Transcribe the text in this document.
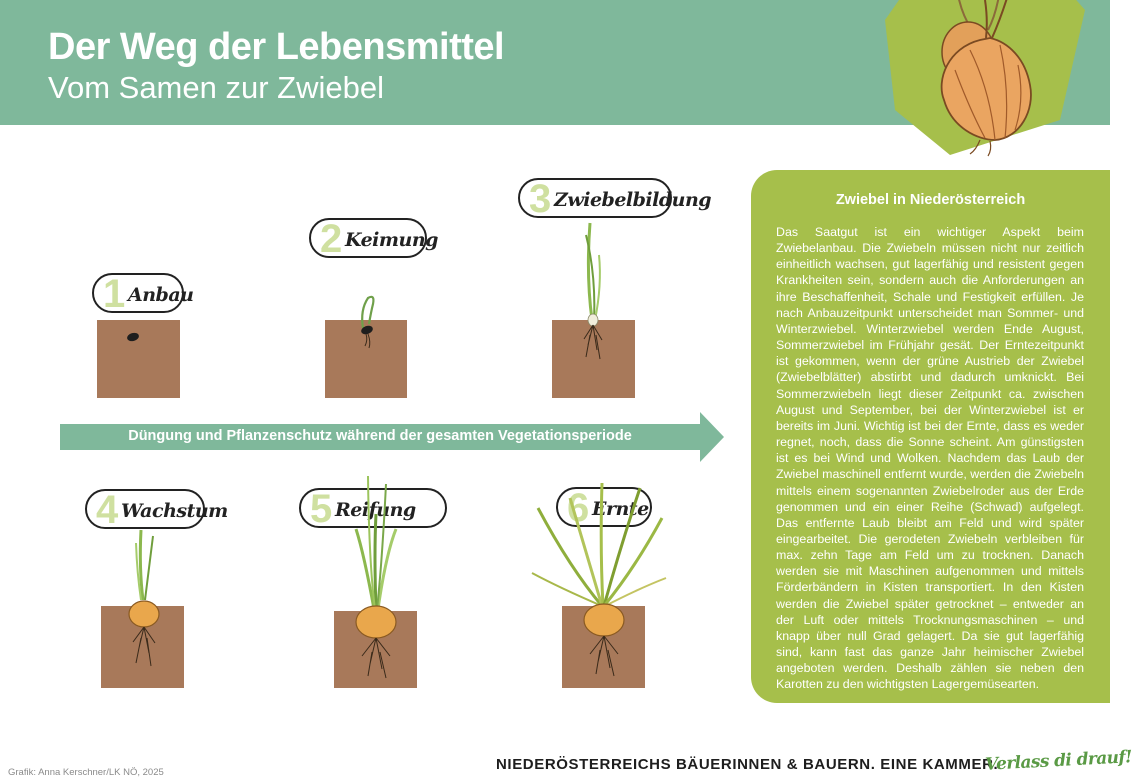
Der Weg der Lebensmittel
Vom Samen zur Zwiebel
1 Anbau
2 Keimung
3 Zwiebelbildung
Düngung und Pflanzenschutz während der gesamten Vegetationsperiode
4 Wachstum 5 Reifung	6 Ernte
Zwiebel in Niederösterreich
Das Saatgut ist ein wichtiger Aspekt beim Zwiebelanbau. Die Zwiebeln müssen nicht nur zeitlich einheitlich wachsen, gut lagerfähig und resistent gegen Krankheiten sein, sondern auch die Anforderungen an ihre Beschaffenheit, Schale und Festigkeit erfüllen. Je nach Anbauzeitpunkt unterscheidet man Sommer- und Winterzwiebel. Winterzwiebel werden Ende August, Sommerzwiebel im Frühjahr gesät. Der Erntezeitpunkt ist gekommen, wenn der grüne Austrieb der Zwiebel (Zwiebelblätter) abstirbt und dadurch umknickt. Bei Sommerzwiebeln liegt dieser Zeitpunkt ca. zwischen August und September, bei der Winterzwiebel ist er bereits im Juni. Wichtig ist bei der Ernte, dass es weder regnet, noch, dass die Sonne scheint. Am günstigsten ist es bei Wind und Wolken. Nachdem das Laub der Zwiebel maschinell entfernt wurde, werden die Zwiebeln mittels einem sogenannten Zwiebelroder aus der Erde genommen und ein einer Reihe (Schwad) aufgelegt. Das entfernte Laub bleibt am Feld und wird später eingearbeitet. Die gerodeten Zwiebeln verbleiben für max. zehn Tage am Feld um zu trocknen. Danach werden sie mit Maschinen aufgenommen und mittels Förderbändern in Kisten transportiert. In den Kisten werden die Zwiebel später getrocknet – entweder an der Luft oder mittels Trocknungsmaschinen – und knapp über null Grad gelagert. Da sie gut lagerfähig sind, kann fast das ganze Jahr heimischer Zwiebel angeboten werden. Deshalb zählen sie neben den Karotten zu den wichtigsten Lagergemüsearten.
Grafik: Anna Kerschner/LK NÖ, 2025	NIEDERÖSTERREICHS BÄUERINNEN & BAUERN. EINE KAMMER.
Verlass di drauf!
